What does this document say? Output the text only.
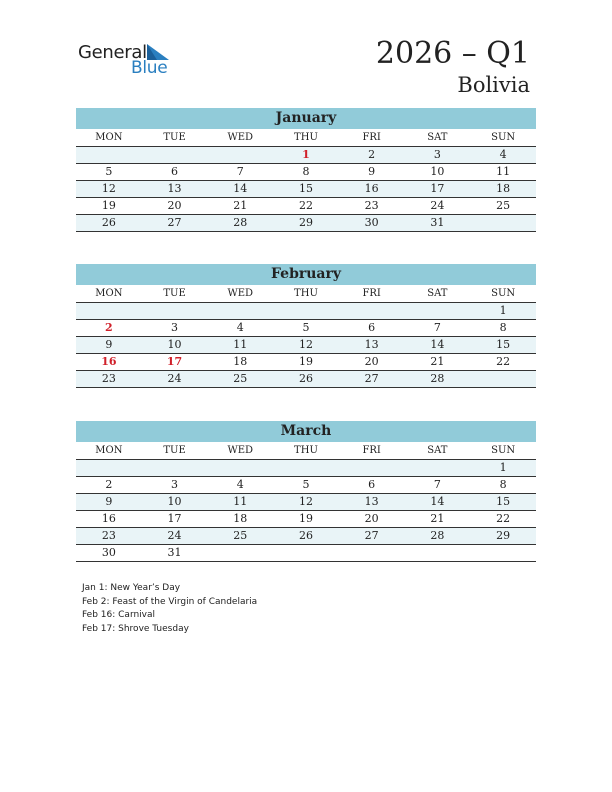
General
Blue	2026 – Q1
Bolivia
January
MON	TUE	WED	THU	FRI	SAT	SUN
			1	2	3	4
5	6	7	8	9	10	11
12	13	14	15	16	17	18
19	20	21	22	23	24	25
26	27	28	29	30	31	
February
MON	TUE	WED	THU	FRI	SAT	SUN
						1
2	3	4	5	6	7	8
9	10	11	12	13	14	15
16	17	18	19	20	21	22
23	24	25	26	27	28	
March
MON	TUE	WED	THU	FRI	SAT	SUN
						1
2	3	4	5	6	7	8
9	10	11	12	13	14	15
16	17	18	19	20	21	22
23	24	25	26	27	28	29
30	31					
Jan 1: New Year’s Day
Feb 2: Feast of the Virgin of Candelaria
Feb 16: Carnival
Feb 17: Shrove Tuesday
